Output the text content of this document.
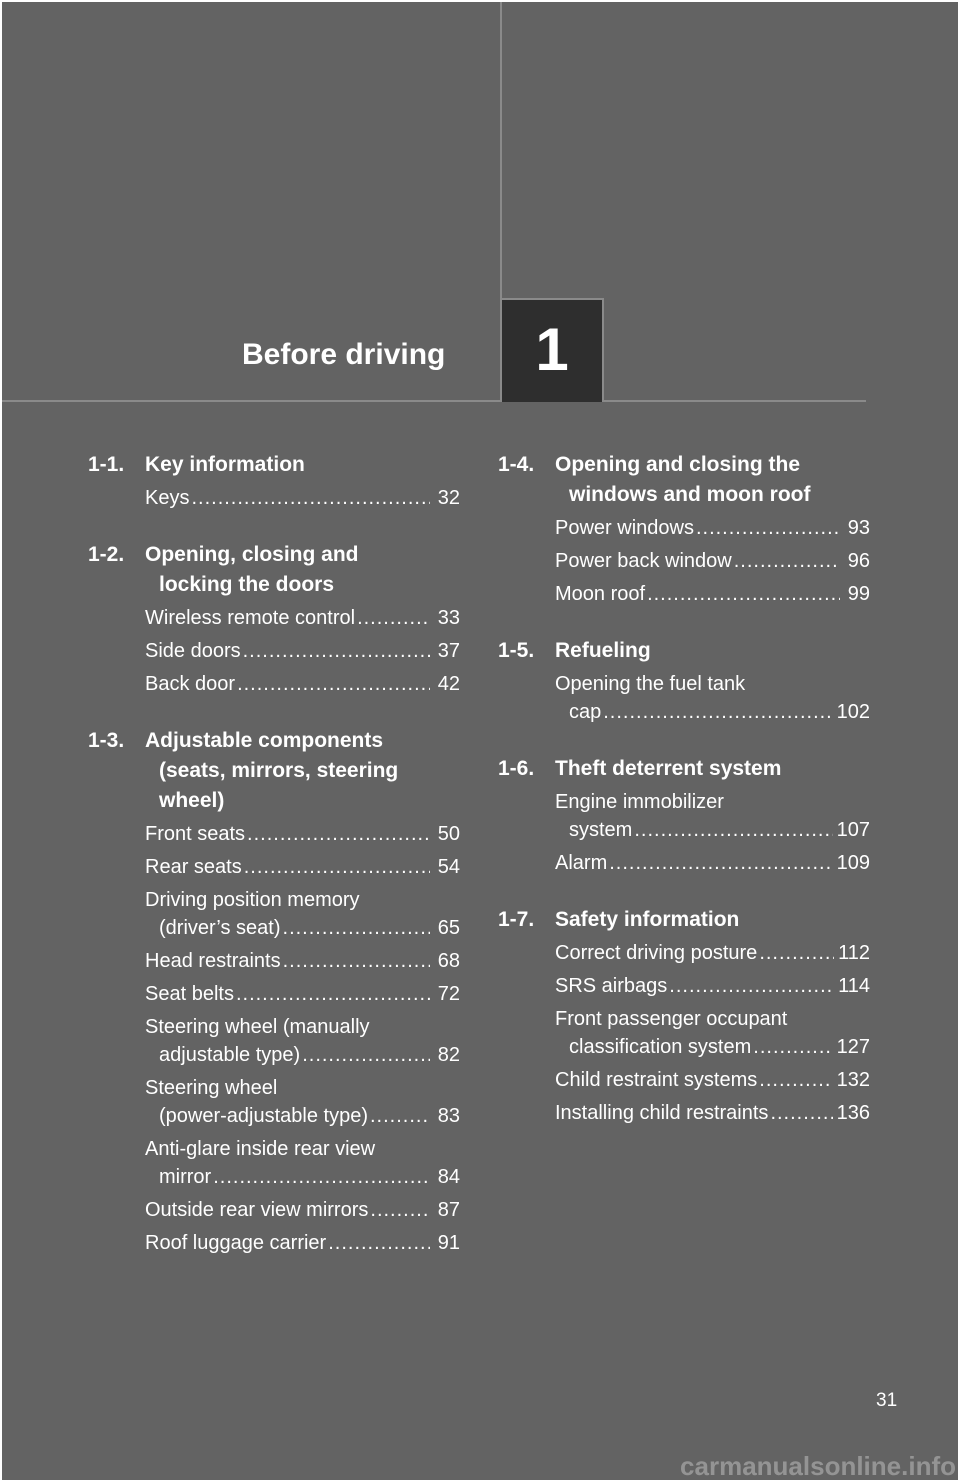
Before driving	1
1-1. Key information
Keys .....	32
1-2. Opening, closing and
locking the doors
Wireless remote control .....	33
Side doors .....	37
Back door .....	42
1-3. Adjustable components
(seats, mirrors, steering
wheel)
Front seats .....	50
Rear seats .....	54
Driving position memory
(driver’s seat) .....	65
Head restraints .....	68
Seat belts .....	72
Steering wheel (manually
adjustable type) .....	82
Steering wheel
(power-adjustable type) .....	83
Anti-glare inside rear view
mirror .....	84
Outside rear view mirrors .....	87
Roof luggage carrier .....	91
1-4. Opening and closing the
windows and moon roof
Power windows .....	93
Power back window .....	96
Moon roof .....	99
1-5. Refueling
Opening the fuel tank
cap .....	102
1-6. Theft deterrent system
Engine immobilizer
system .....	107
Alarm .....	109
1-7. Safety information
Correct driving posture .....	112
SRS airbags .....	114
Front passenger occupant
classification system .....	127
Child restraint systems .....	132
Installing child restraints .....	136
31
carmanualsonline.info
